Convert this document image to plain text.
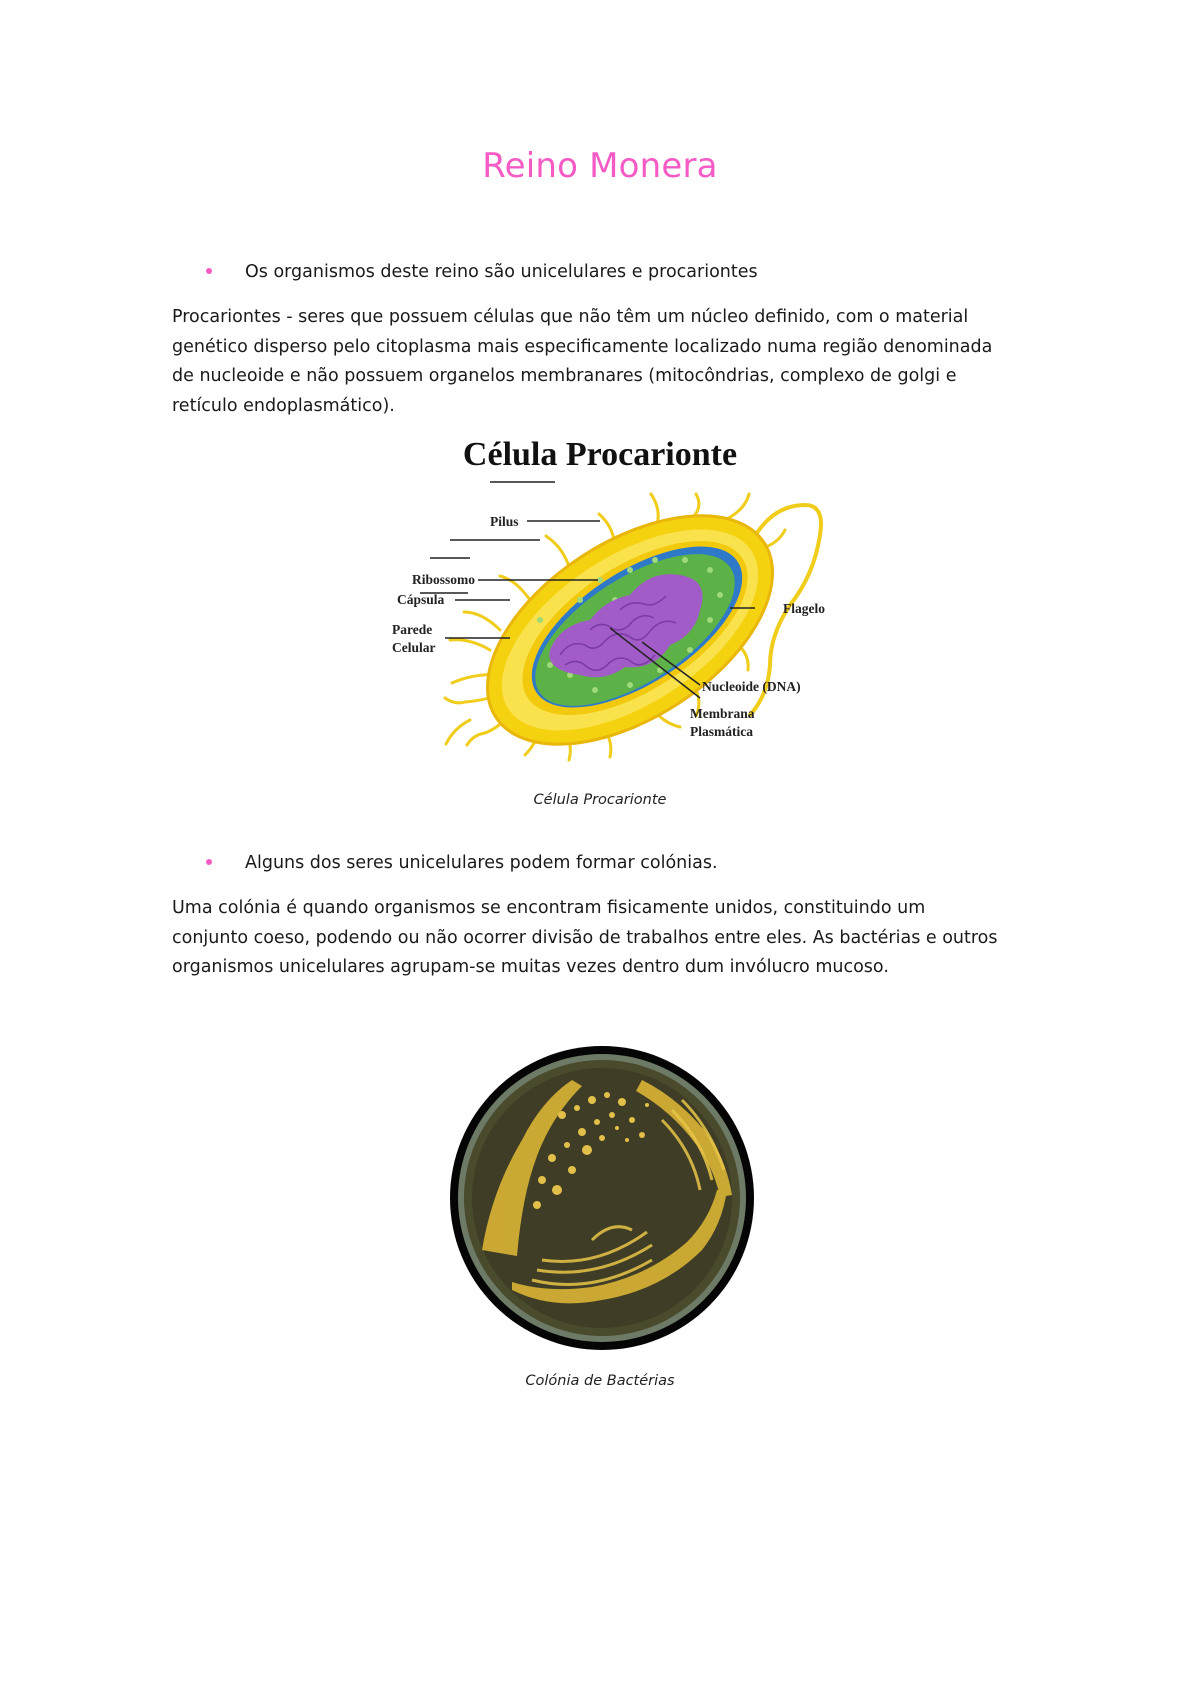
Reino Monera
Os organismos deste reino são unicelulares e procariontes
Procariontes - seres que possuem células que não têm um núcleo definido, com o material
genético disperso pelo citoplasma mais especificamente localizado numa região denominada
de nucleoide e não possuem organelos membranares (mitocôndrias, complexo de golgi e
retículo endoplasmático).
Célula Procarionte
Pilus
Ribossomo
Cápsula
Parede
Celular
Flagelo
Nucleoide (DNA)
Membrana
Plasmática
Célula Procarionte
Alguns dos seres unicelulares podem formar colónias.
Uma colónia é quando organismos se encontram fisicamente unidos, constituindo um
conjunto coeso, podendo ou não ocorrer divisão de trabalhos entre eles. As bactérias e outros
organismos unicelulares agrupam-se muitas vezes dentro dum invólucro mucoso.
Colónia de Bactérias
